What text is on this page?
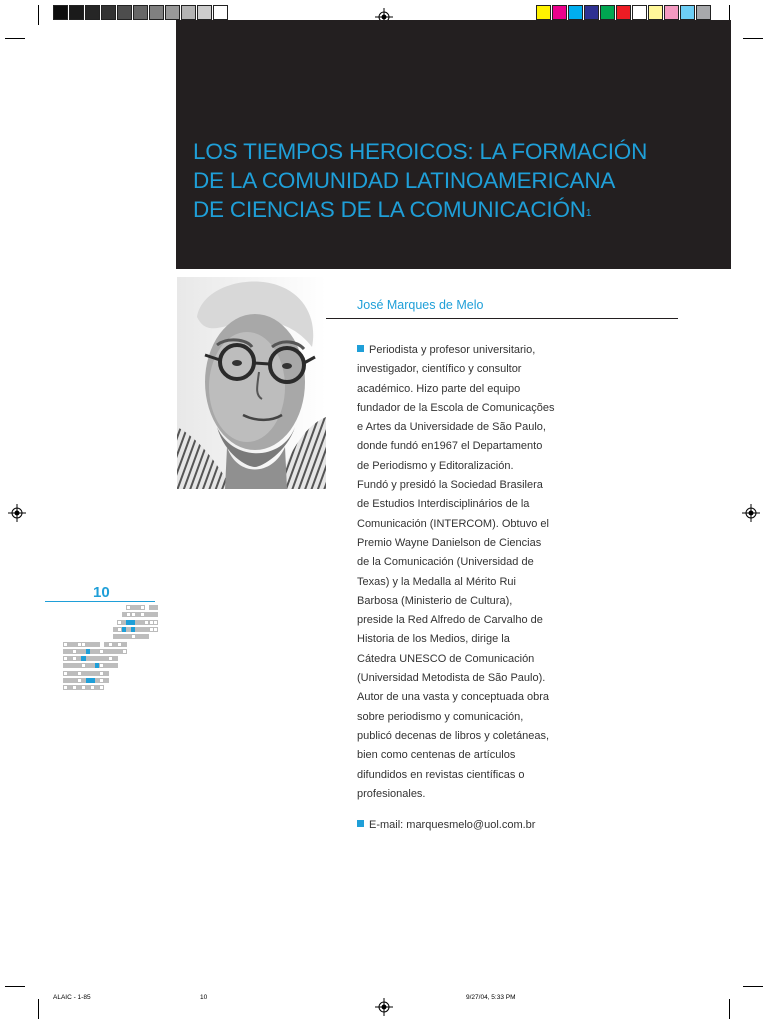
LOS TIEMPOS HEROICOS: LA FORMACIÓN
DE LA COMUNIDAD LATINOAMERICANA
DE CIENCIAS DE LA COMUNICACIÓN$^1$
José Marques de Melo
Periodista y profesor universitario,
investigador, científico y consultor
académico. Hizo parte del equipo
fundador de la Escola de Comunicações
e Artes da Universidade de São Paulo,
donde fundó en1967 el Departamento
de Periodismo y Editoralización.
Fundó y presidó la Sociedad Brasilera
de Estudios Interdisciplinários de la
Comunicación (INTERCOM). Obtuvo el
Premio Wayne Danielson de Ciencias
de la Comunicación (Universidad de
Texas) y la Medalla al Mérito Rui
Barbosa (Ministerio de Cultura),
preside la Red Alfredo de Carvalho de
Historia de los Medios, dirige la
Cátedra UNESCO de Comunicación
(Universidad Metodista de São Paulo).
Autor de una vasta y conceptuada obra
sobre periodismo y comunicación,
publicó decenas de libros y coletáneas,
bien como centenas de artículos
difundidos en revistas científicas o
profesionales.
E-mail: marquesmelo@uol.com.br
10
ALAIC - 1-85	10	9/27/04, 5:33 PM
